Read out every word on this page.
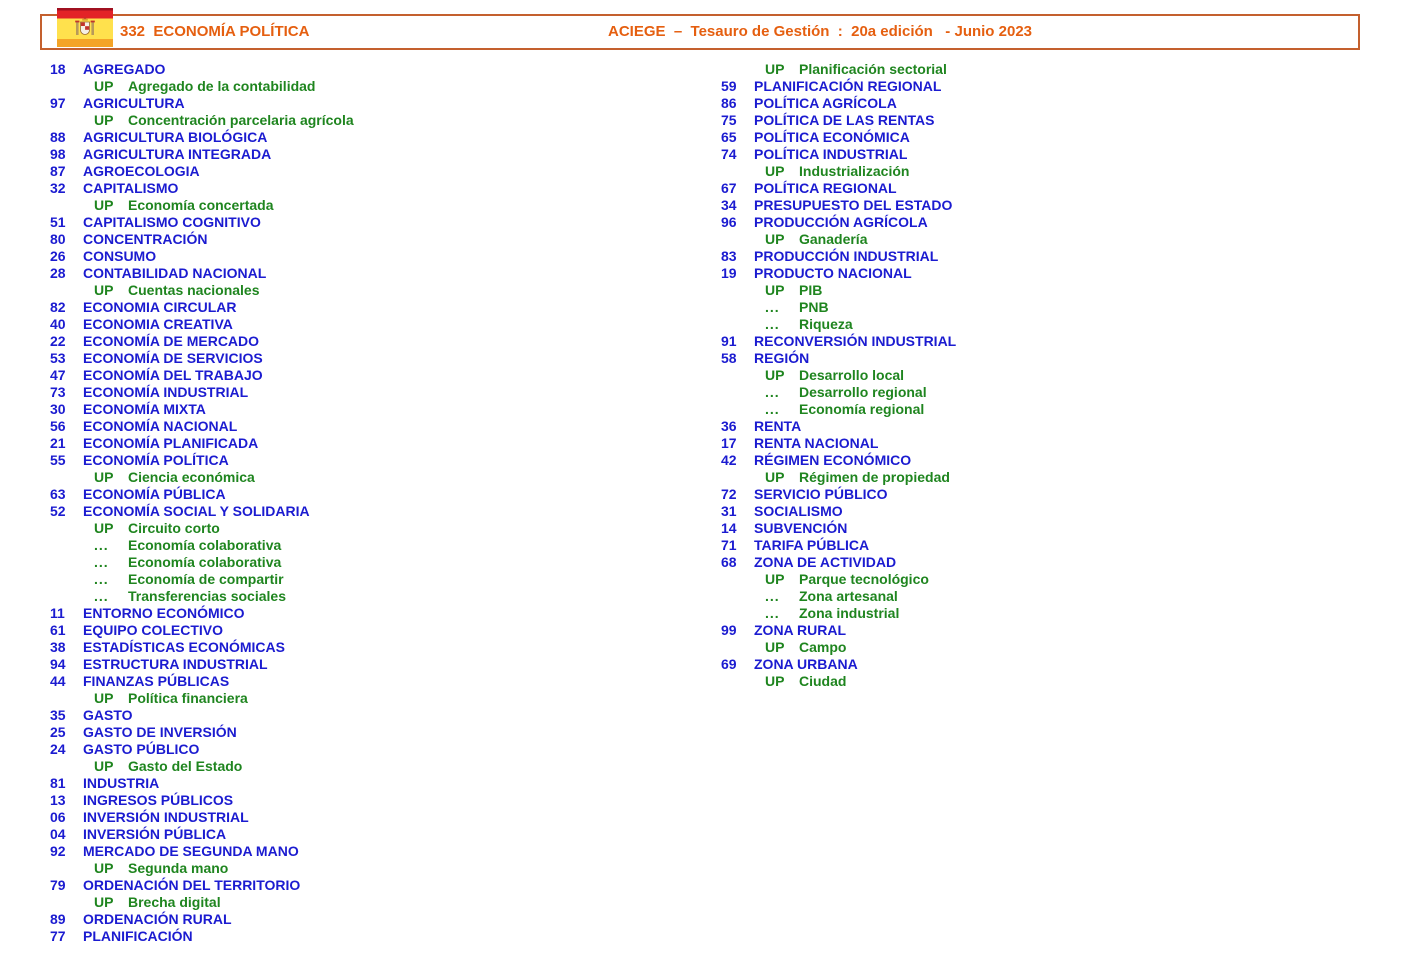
332  ECONOMÍA POLÍTICA	ACIEGE  –  Tesauro de Gestión  :  20a edición   - Junio 2023
18	AGREGADO
UP	Agregado de la contabilidad
97	AGRICULTURA
UP	Concentración parcelaria agrícola
88	AGRICULTURA BIOLÓGICA
98	AGRICULTURA INTEGRADA
87	AGROECOLOGIA
32	CAPITALISMO
UP	Economía concertada
51	CAPITALISMO COGNITIVO
80	CONCENTRACIÓN
26	CONSUMO
28	CONTABILIDAD NACIONAL
UP	Cuentas nacionales
82	ECONOMIA CIRCULAR
40	ECONOMIA CREATIVA
22	ECONOMÍA DE MERCADO
53	ECONOMÍA DE SERVICIOS
47	ECONOMÍA DEL TRABAJO
73	ECONOMÍA INDUSTRIAL
30	ECONOMÍA MIXTA
56	ECONOMÍA NACIONAL
21	ECONOMÍA PLANIFICADA
55	ECONOMÍA POLÍTICA
UP	Ciencia económica
63	ECONOMÍA PÚBLICA
52	ECONOMÍA SOCIAL Y SOLIDARIA
UP	Circuito corto
...	Economía colaborativa
...	Economía colaborativa
...	Economía de compartir
...	Transferencias sociales
11	ENTORNO ECONÓMICO
61	EQUIPO COLECTIVO
38	ESTADÍSTICAS ECONÓMICAS
94	ESTRUCTURA INDUSTRIAL
44	FINANZAS PÚBLICAS
UP	Política financiera
35	GASTO
25	GASTO DE INVERSIÓN
24	GASTO PÚBLICO
UP	Gasto del Estado
81	INDUSTRIA
13	INGRESOS PÚBLICOS
06	INVERSIÓN INDUSTRIAL
04	INVERSIÓN PÚBLICA
92	MERCADO DE SEGUNDA MANO
UP	Segunda mano
79	ORDENACIÓN DEL TERRITORIO
UP	Brecha digital
89	ORDENACIÓN RURAL
77	PLANIFICACIÓN
UP	Planificación sectorial
59	PLANIFICACIÓN REGIONAL
86	POLÍTICA AGRÍCOLA
75	POLÍTICA DE LAS RENTAS
65	POLÍTICA ECONÓMICA
74	POLÍTICA INDUSTRIAL
UP	Industrialización
67	POLÍTICA REGIONAL
34	PRESUPUESTO DEL ESTADO
96	PRODUCCIÓN AGRÍCOLA
UP	Ganadería
83	PRODUCCIÓN INDUSTRIAL
19	PRODUCTO NACIONAL
UP	PIB
...	PNB
...	Riqueza
91	RECONVERSIÓN INDUSTRIAL
58	REGIÓN
UP	Desarrollo local
...	Desarrollo regional
...	Economía regional
36	RENTA
17	RENTA NACIONAL
42	RÉGIMEN ECONÓMICO
UP	Régimen de propiedad
72	SERVICIO PÚBLICO
31	SOCIALISMO
14	SUBVENCIÓN
71	TARIFA PÚBLICA
68	ZONA DE ACTIVIDAD
UP	Parque tecnológico
...	Zona artesanal
...	Zona industrial
99	ZONA RURAL
UP	Campo
69	ZONA URBANA
UP	Ciudad
